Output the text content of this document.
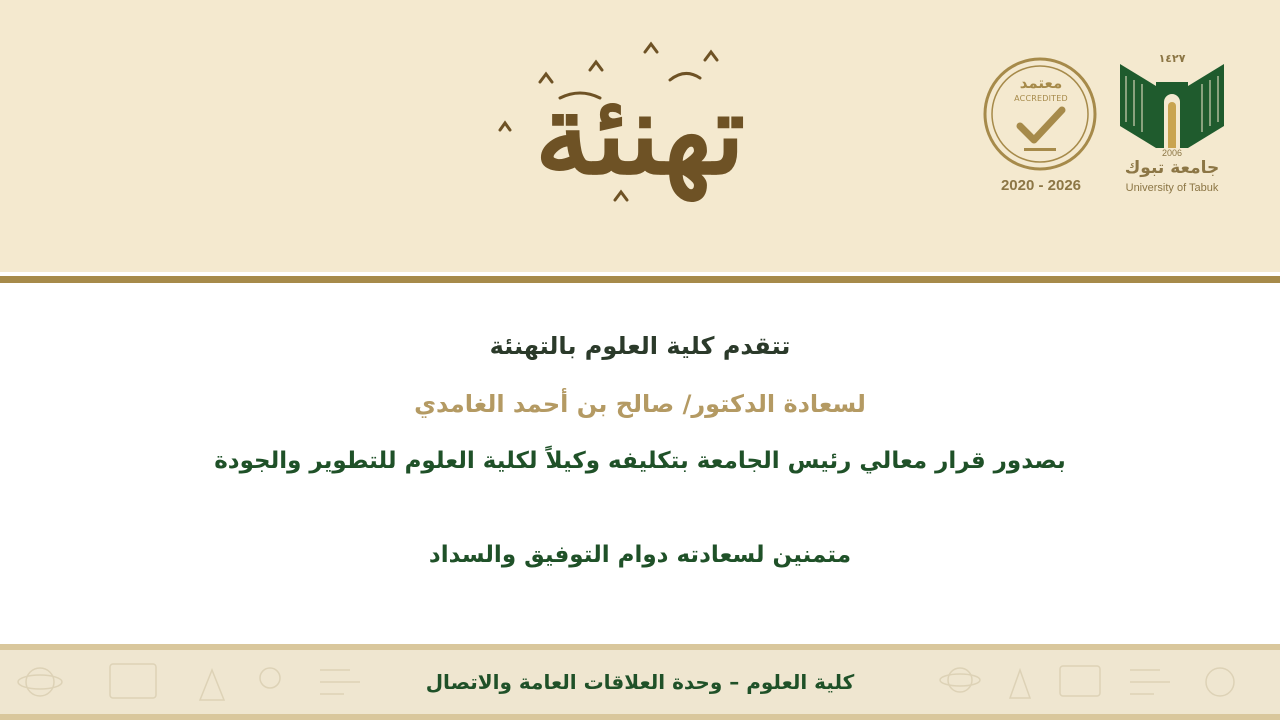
تهنئة	معتمد
ACCREDITED
2020 - 2026
١٤٢٧
2006
جامعة تبوك
University of Tabuk
تتقدم كلية العلوم بالتهنئة
لسعادة الدكتور/ صالح بن أحمد الغامدي
بصدور قرار معالي رئيس الجامعة بتكليفه وكيلاً لكلية العلوم للتطوير والجودة
متمنين لسعادته دوام التوفيق والسداد
كلية العلوم – وحدة العلاقات العامة والاتصال
